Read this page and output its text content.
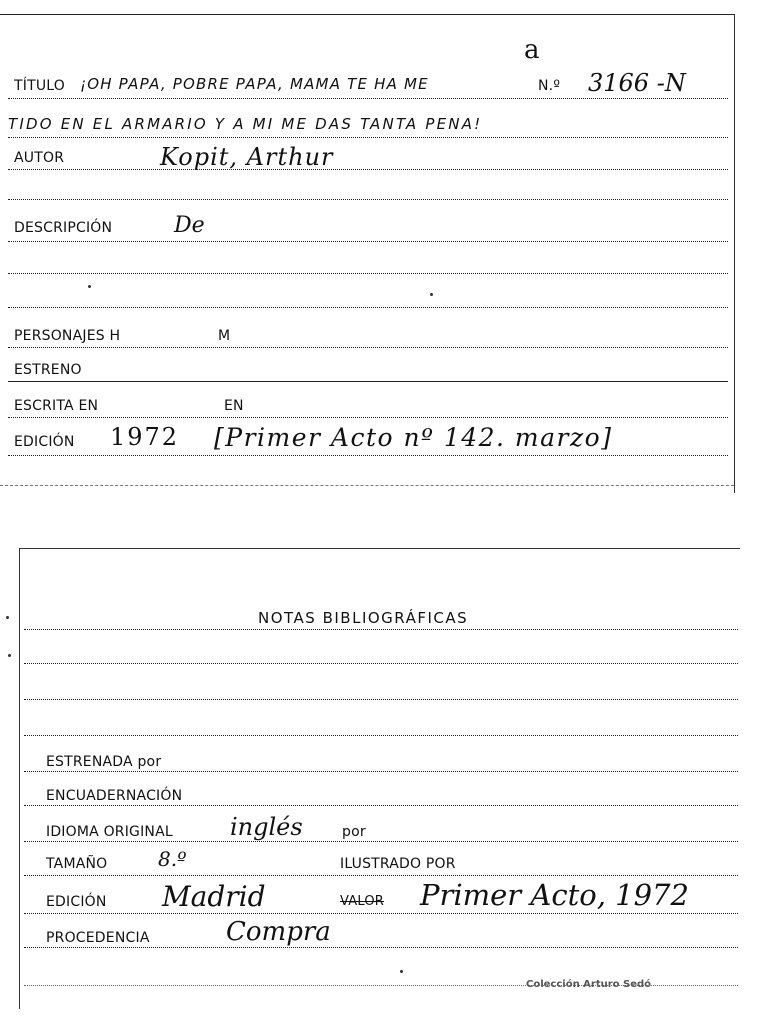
a
TÍTULO ¡OH PAPA, POBRE PAPA, MAMA TE HA ME	N.º 3166 -N
TIDO EN EL ARMARIO Y A MI ME DAS TANTA PENA!
AUTOR	Kopit, Arthur
DESCRIPCIÓN	De
PERSONAJES H	M
ESTRENO
ESCRITA EN	EN
EDICIÓN 1972 [Primer Acto nº 142. marzo]
NOTAS BIBLIOGRÁFICAS
ESTRENADA por
ENCUADERNACIÓN
IDIOMA ORIGINAL inglés	por
TAMAÑO	8.º	ILUSTRADO POR
EDICIÓN Madrid	VALOR Primer Acto, 1972
PROCEDENCIA	Compra
Colección Arturo Sedó
